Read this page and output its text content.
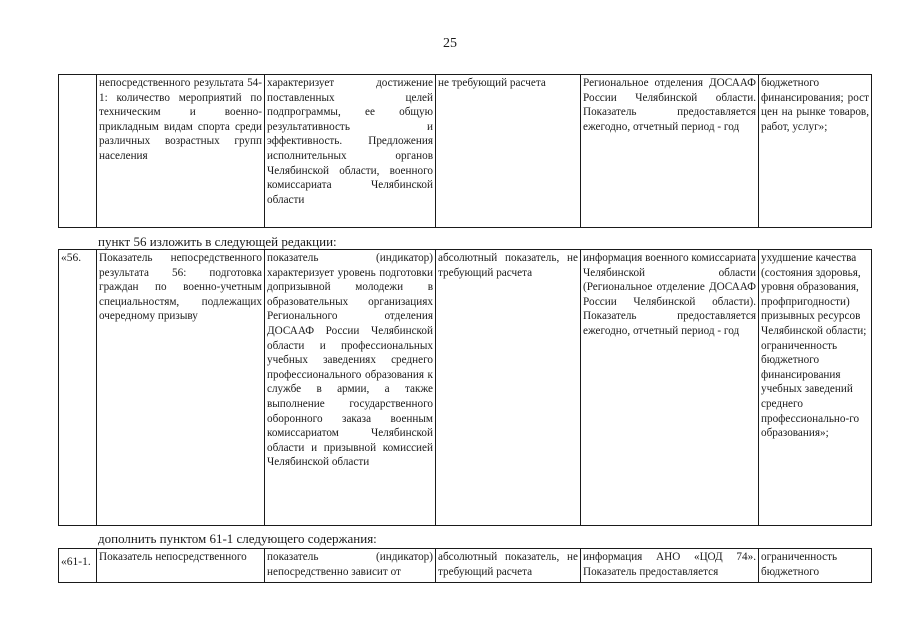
25
	непосредственного результата 54-1: количество мероприятий по техническим и военно-прикладным видам спорта среди различных возрастных групп населения	характеризует достижение поставленных целей подпрограммы, ее общую результативность и эффективность. Предложения исполнительных органов Челябинской области, военного комиссариата Челябинской области	не требующий расчета	Региональное отделения ДОСААФ России Челябинской области. Показатель предоставляется ежегодно, отчетный период - год	бюджетного финансирования; рост цен на рынке товаров, работ, услуг»;
пункт 56 изложить в следующей редакции:
«56.	Показатель непосредственного результата 56: подготовка граждан по военно-учетным специальностям, подлежащих очередному призыву	показатель (индикатор) характеризует уровень подготовки допризывной молодежи в образовательных организациях Регионального отделения ДОСААФ России Челябинской области и профессиональных учебных заведениях среднего профессионального образования к службе в армии, а также выполнение государственного оборонного заказа военным комиссариатом Челябинской области и призывной комиссией Челябинской области	абсолютный показатель, не требующий расчета	информация военного комиссариата Челябинской области (Региональное отделение ДОСААФ России Челябинской области). Показатель предоставляется ежегодно, отчетный период - год	ухудшение качества (состояния здоровья, уровня образования, профпригодности) призывных ресурсов Челябинской области; ограниченность бюджетного финансирования учебных заведений среднего профессионально-го образования»;
дополнить пунктом 61-1 следующего содержания:
«61-1.	Показатель непосредственного	показатель (индикатор) непосредственно зависит от	абсолютный показатель, не требующий расчета	информация АНО «ЦОД 74». Показатель предоставляется	ограниченность бюджетного
